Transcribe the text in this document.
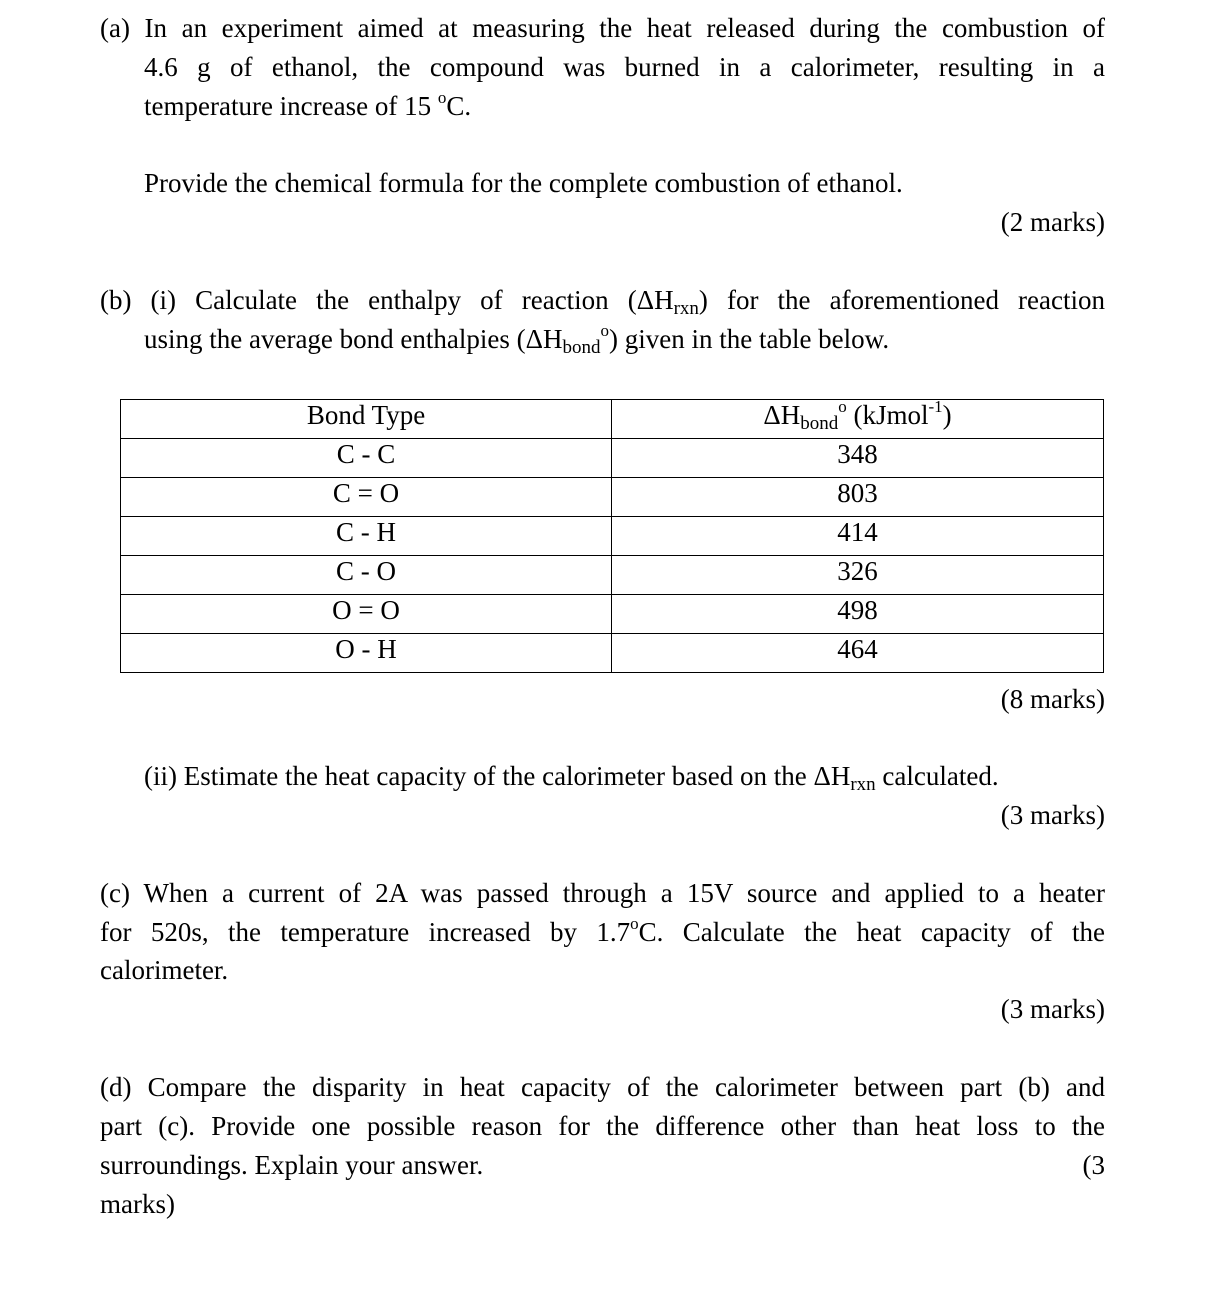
(a) In an experiment aimed at measuring the heat released during the combustion of
4.6 g of ethanol, the compound was burned in a calorimeter, resulting in a
temperature increase of 15 $^o$C.
Provide the chemical formula for the complete combustion of ethanol.
(2 marks)
(b) (i) Calculate the enthalpy of reaction $(\Delta H_{rxn})$ for the aforementioned reaction
using the average bond enthalpies $(\Delta H_{bond}^o)$ given in the table below.
Bond Type	$\Delta H_{bond}^o$ (kJmol$^{-1}$)
C - C	348
C = O	803
C - H	414
C - O	326
O = O	498
O - H	464
(8 marks)
(ii) Estimate the heat capacity of the calorimeter based on the $\Delta H_{rxn}$ calculated.
(3 marks)
(c) When a current of 2A was passed through a 15V source and applied to a heater
for 520s, the temperature increased by 1.7$^o$C. Calculate the heat capacity of the
calorimeter.
(3 marks)
(d) Compare the disparity in heat capacity of the calorimeter between part (b) and
part (c). Provide one possible reason for the difference other than heat loss to the
surroundings. Explain your answer.	(3
marks)
